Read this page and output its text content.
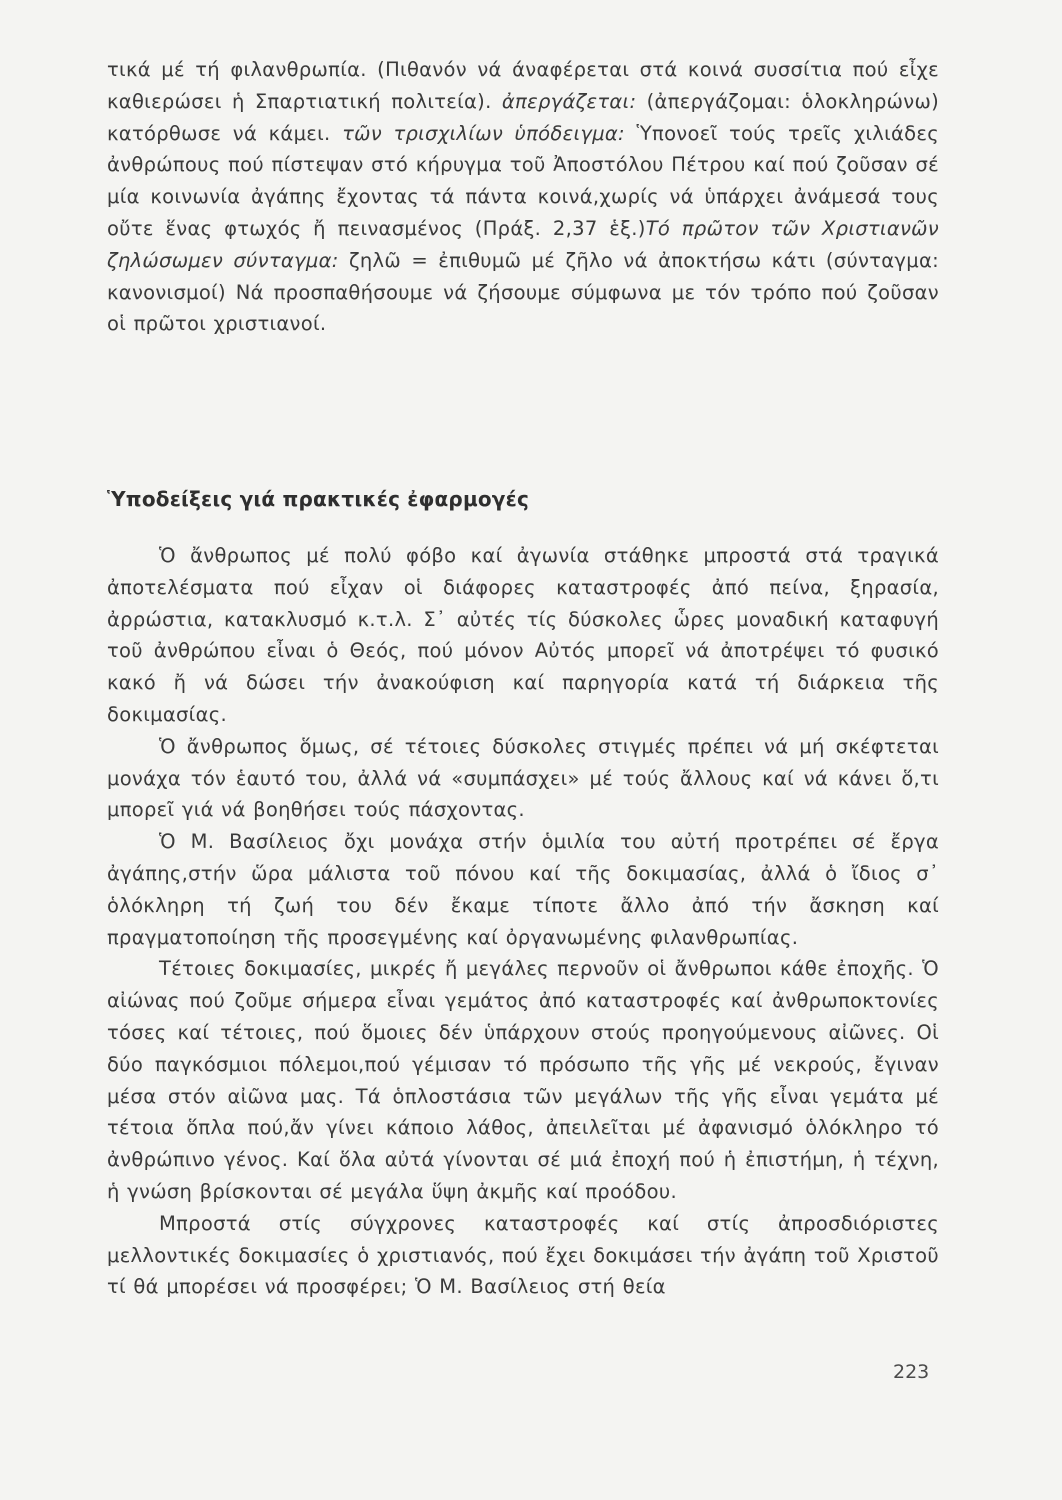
τικά μέ τή φιλανθρωπία. (Πιθανόν νά άναφέρεται στά κοινά συσσίτια πού εἶχε καθιερώσει ἡ Σπαρτιατική πολιτεία). ἀπεργάζεται: (ἀπεργάζομαι: ὁλοκληρώνω) κατόρθωσε νά κάμει. τῶν τρισχιλίων ὑπόδειγμα: Ὑπονοεῖ τούς τρεῖς χιλιάδες ἀνθρώπους πού πίστεψαν στό κήρυγμα τοῦ Ἀποστόλου Πέτρου καί πού ζοῦσαν σέ μία κοινωνία ἀγάπης ἔχοντας τά πάντα κοινά,χωρίς νά ὑπάρχει ἀνάμεσά τους οὔτε ἕνας φτωχός ἤ πεινασμένος (Πράξ. 2,37 ἑξ.)Τό πρῶτον τῶν Χριστιανῶν ζηλώσωμεν σύνταγμα: ζηλῶ = ἐπιθυμῶ μέ ζῆλο νά ἀποκτήσω κάτι (σύνταγμα: κανονισμοί) Νά προσπαθήσουμε νά ζήσουμε σύμφωνα με τόν τρόπο πού ζοῦσαν οἱ πρῶτοι χριστιανοί.

Ὑποδείξεις γιά πρακτικές ἐφαρμογές

Ὁ ἄνθρωπος μέ πολύ φόβο καί ἀγωνία στάθηκε μπροστά στά τραγικά ἀποτελέσματα πού εἶχαν οἱ διάφορες καταστροφές ἀπό πείνα, ξηρασία, ἀρρώστια, κατακλυσμό κ.τ.λ. Σ᾽ αὐτές τίς δύσκολες ὧρες μοναδική καταφυγή τοῦ ἀνθρώπου εἶναι ὁ Θεός, πού μόνον Αὐτός μπορεῖ νά ἀποτρέψει τό φυσικό κακό ἤ νά δώσει τήν ἀνακούφιση καί παρηγορία κατά τή διάρκεια τῆς δοκιμασίας.

Ὁ ἄνθρωπος ὅμως, σέ τέτοιες δύσκολες στιγμές πρέπει νά μή σκέφτεται μονάχα τόν ἑαυτό του, ἀλλά νά «συμπάσχει» μέ τούς ἄλλους καί νά κάνει ὅ,τι μπορεῖ γιά νά βοηθήσει τούς πάσχοντας.

Ὁ Μ. Βασίλειος ὄχι μονάχα στήν ὁμιλία του αὐτή προτρέπει σέ ἔργα ἀγάπης,στήν ὥρα μάλιστα τοῦ πόνου καί τῆς δοκιμασίας, ἀλλά ὁ ἴδιος σ᾽ ὁλόκληρη τή ζωή του δέν ἔκαμε τίποτε ἄλλο ἀπό τήν ἄσκηση καί πραγματοποίηση τῆς προσεγμένης καί ὀργανωμένης φιλανθρωπίας.

Τέτοιες δοκιμασίες, μικρές ἤ μεγάλες περνοῦν οἱ ἄνθρωποι κάθε ἐποχῆς. Ὁ αἰώνας πού ζοῦμε σήμερα εἶναι γεμάτος ἀπό καταστροφές καί ἀνθρωποκτονίες τόσες καί τέτοιες, πού ὅμοιες δέν ὑπάρχουν στούς προηγούμενους αἰῶνες. Οἱ δύο παγκόσμιοι πόλεμοι,πού γέμισαν τό πρόσωπο τῆς γῆς μέ νεκρούς, ἔγιναν μέσα στόν αἰῶνα μας. Τά ὁπλοστάσια τῶν μεγάλων τῆς γῆς εἶναι γεμάτα μέ τέτοια ὅπλα πού,ἄν γίνει κάποιο λάθος, ἀπειλεῖται μέ ἀφανισμό ὁλόκληρο τό ἀνθρώπινο γένος. Καί ὅλα αὐτά γίνονται σέ μιά ἐποχή πού ἡ ἐπιστήμη, ἡ τέχνη, ἡ γνώση βρίσκονται σέ μεγάλα ὕψη ἀκμῆς καί προόδου.

Μπροστά στίς σύγχρονες καταστροφές καί στίς ἀπροσδιόριστες μελλοντικές δοκιμασίες ὁ χριστιανός, πού ἔχει δοκιμάσει τήν ἀγάπη τοῦ Χριστοῦ τί θά μπορέσει νά προσφέρει; Ὁ Μ. Βασίλειος στή θεία

223
